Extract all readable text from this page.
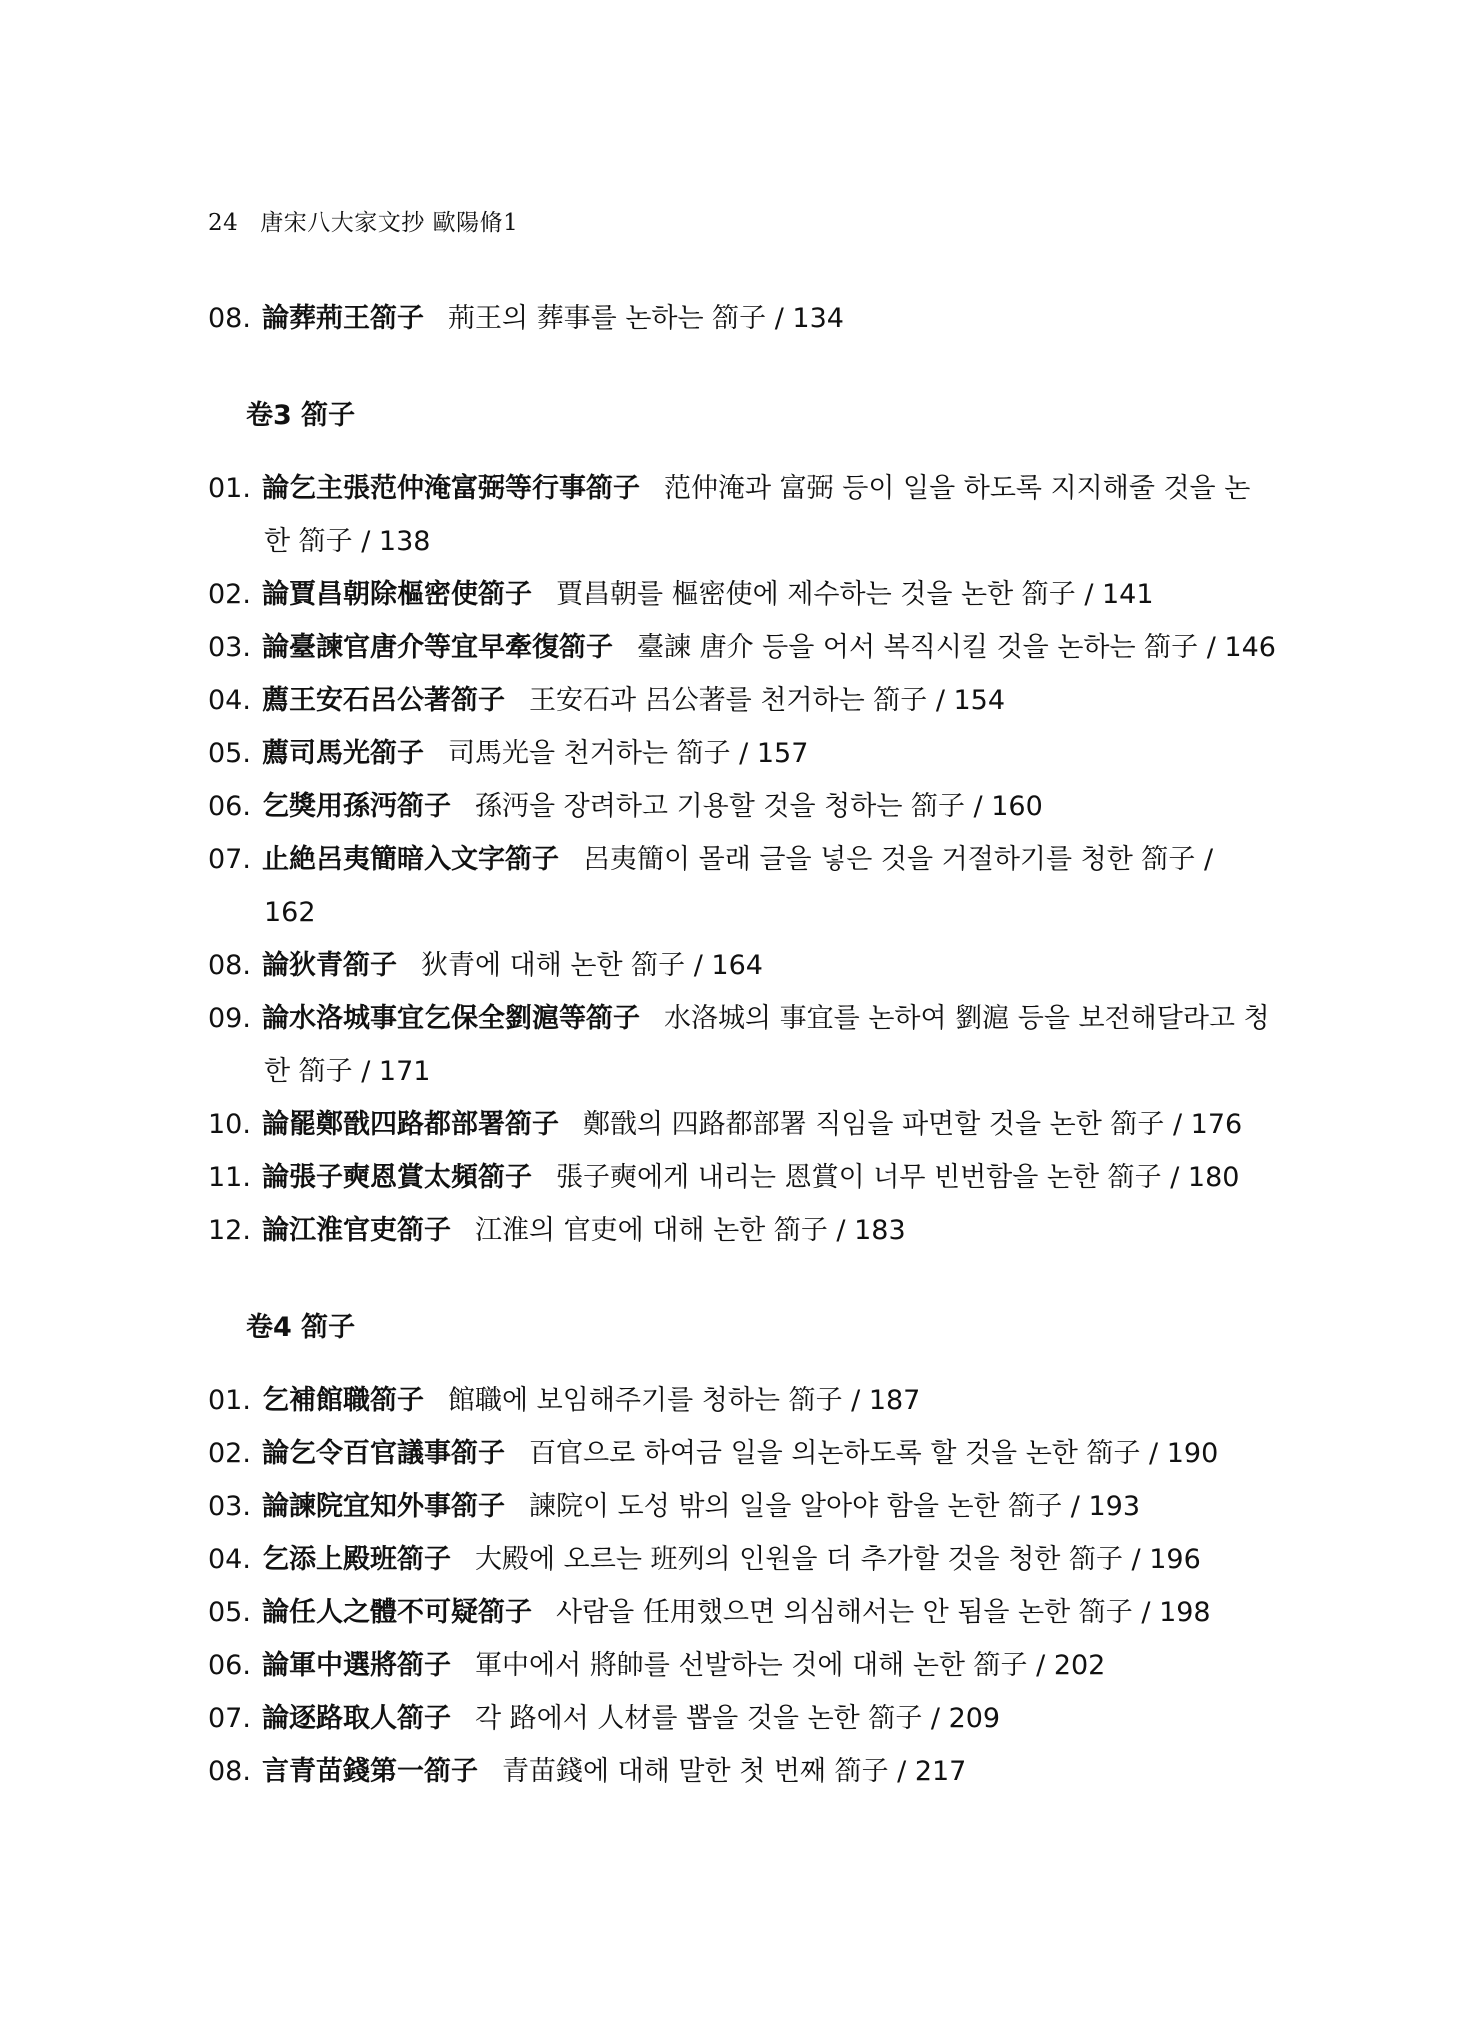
24 唐宋八大家文抄 歐陽脩1
08. 論葬荊王箚子 荊王의 葬事를 논하는 箚子 / 134
卷3 箚子
01. 論乞主張范仲淹富弼等行事箚子 范仲淹과 富弼 등이 일을 하도록 지지해줄 것을 논
한 箚子 / 138
02. 論賈昌朝除樞密使箚子 賈昌朝를 樞密使에 제수하는 것을 논한 箚子 / 141
03. 論臺諫官唐介等宜早牽復箚子 臺諫 唐介 등을 어서 복직시킬 것을 논하는 箚子 / 146
04. 薦王安石呂公著箚子 王安石과 呂公著를 천거하는 箚子 / 154
05. 薦司馬光箚子 司馬光을 천거하는 箚子 / 157
06. 乞獎用孫沔箚子 孫沔을 장려하고 기용할 것을 청하는 箚子 / 160
07. 止絶呂夷簡暗入文字箚子 呂夷簡이 몰래 글을 넣은 것을 거절하기를 청한 箚子 /
162
08. 論狄青箚子 狄青에 대해 논한 箚子 / 164
09. 論水洛城事宜乞保全劉滬等箚子 水洛城의 事宜를 논하여 劉滬 등을 보전해달라고 청
한 箚子 / 171
10. 論罷鄭戩四路都部署箚子 鄭戩의 四路都部署 직임을 파면할 것을 논한 箚子 / 176
11. 論張子奭恩賞太頻箚子 張子奭에게 내리는 恩賞이 너무 빈번함을 논한 箚子 / 180
12. 論江淮官吏箚子 江淮의 官吏에 대해 논한 箚子 / 183
卷4 箚子
01. 乞補館職箚子 館職에 보임해주기를 청하는 箚子 / 187
02. 論乞令百官議事箚子 百官으로 하여금 일을 의논하도록 할 것을 논한 箚子 / 190
03. 論諫院宜知外事箚子 諫院이 도성 밖의 일을 알아야 함을 논한 箚子 / 193
04. 乞添上殿班箚子 大殿에 오르는 班列의 인원을 더 추가할 것을 청한 箚子 / 196
05. 論任人之體不可疑箚子 사람을 任用했으면 의심해서는 안 됨을 논한 箚子 / 198
06. 論軍中選將箚子 軍中에서 將帥를 선발하는 것에 대해 논한 箚子 / 202
07. 論逐路取人箚子 각 路에서 人材를 뽑을 것을 논한 箚子 / 209
08. 言青苗錢第一箚子 青苗錢에 대해 말한 첫 번째 箚子 / 217
